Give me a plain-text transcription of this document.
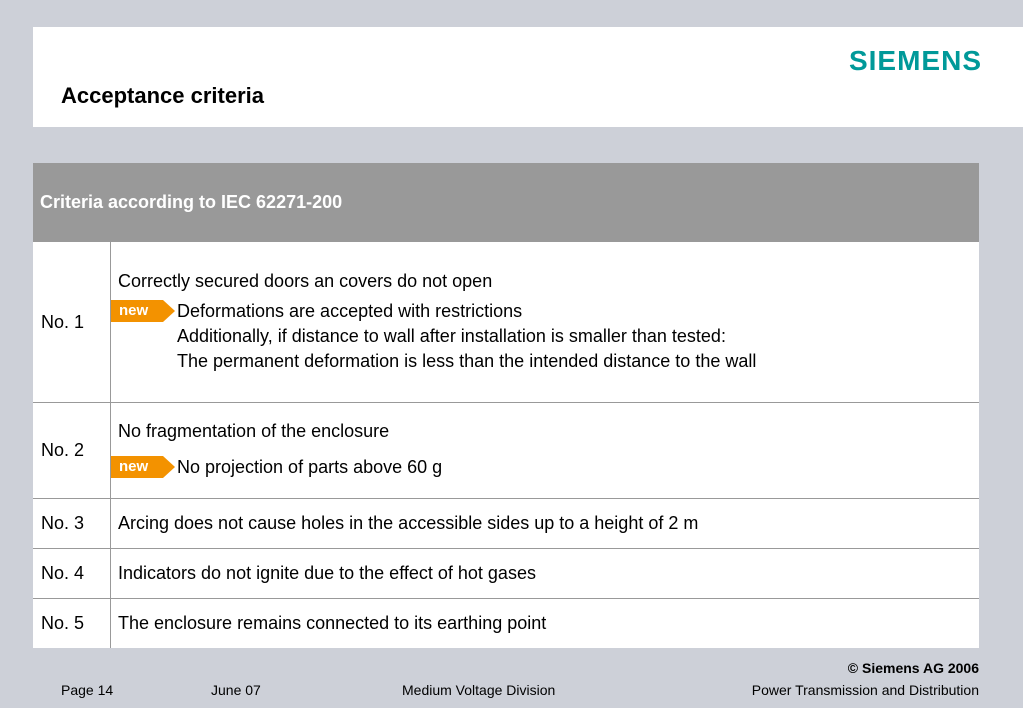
Acceptance criteria
SIEMENS
Criteria according to IEC 62271-200	
No. 1	Correctly secured doors an covers do not open
new Deformations are accepted with restrictions
Additionally, if distance to wall after installation is smaller than tested:
The permanent deformation is less than the intended distance to the wall

No. 2	No fragmentation of the enclosure
new No projection of parts above 60 g

No. 3	Arcing does not cause holes in the accessible sides up to a height of 2 m
No. 4	Indicators do not ignite due to the effect of hot gases
No. 5	The enclosure remains connected to its earthing point
© Siemens AG 2006
Page 14	June 07	Medium Voltage Division	Power Transmission and Distribution
